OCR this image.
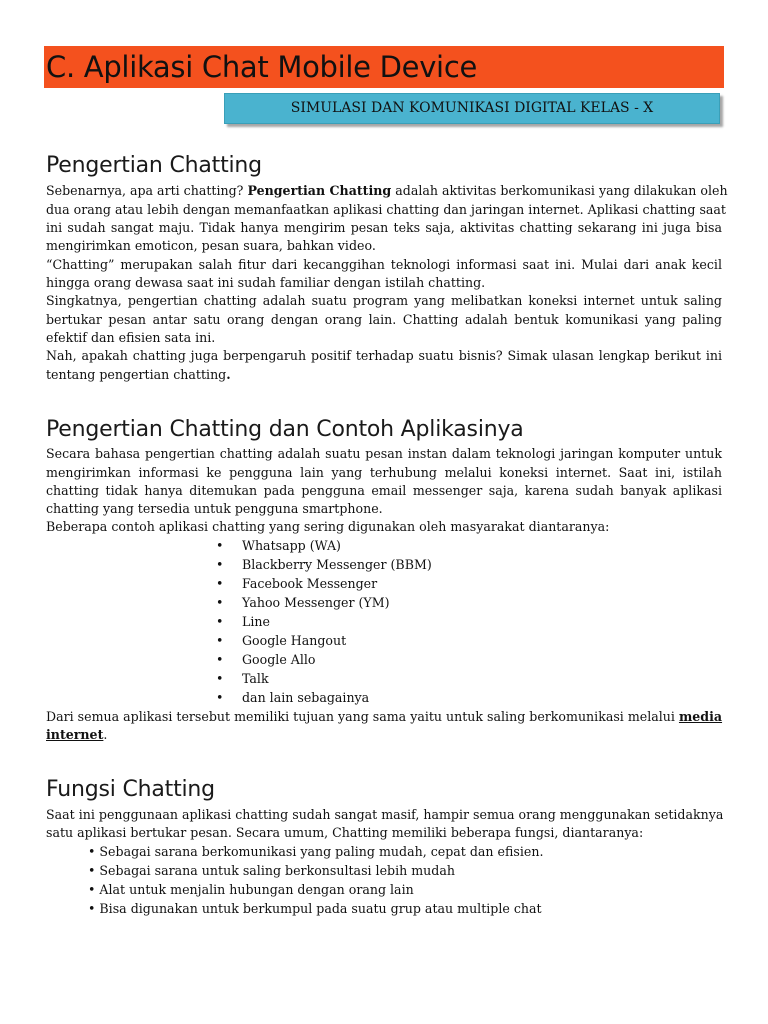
C. Aplikasi Chat Mobile Device
SIMULASI DAN KOMUNIKASI DIGITAL KELAS - X
Pengertian Chatting
Sebenarnya, apa arti chatting? Pengertian Chatting adalah aktivitas berkomunikasi yang dilakukan oleh
dua orang atau lebih dengan memanfaatkan aplikasi chatting dan jaringan internet. Aplikasi chatting saat
ini sudah sangat maju. Tidak hanya mengirim pesan teks saja, aktivitas chatting sekarang ini juga bisa
mengirimkan emoticon, pesan suara, bahkan video.
“Chatting” merupakan salah fitur dari kecanggihan teknologi informasi saat ini. Mulai dari anak kecil
hingga orang dewasa saat ini sudah familiar dengan istilah chatting.
Singkatnya, pengertian chatting adalah suatu program yang melibatkan koneksi internet untuk saling
bertukar pesan antar satu orang dengan orang lain. Chatting adalah bentuk komunikasi yang paling
efektif dan efisien sata ini.
Nah, apakah chatting juga berpengaruh positif terhadap suatu bisnis? Simak ulasan lengkap berikut ini
tentang pengertian chatting.
Pengertian Chatting dan Contoh Aplikasinya
Secara bahasa pengertian chatting adalah suatu pesan instan dalam teknologi jaringan komputer untuk
mengirimkan informasi ke pengguna lain yang terhubung melalui koneksi internet. Saat ini, istilah
chatting tidak hanya ditemukan pada pengguna email messenger saja, karena sudah banyak aplikasi
chatting yang tersedia untuk pengguna smartphone.
Beberapa contoh aplikasi chatting yang sering digunakan oleh masyarakat diantaranya:
• Whatsapp (WA)
• Blackberry Messenger (BBM)
• Facebook Messenger
• Yahoo Messenger (YM)
• Line
• Google Hangout
• Google Allo
• Talk
• dan lain sebagainya
Dari semua aplikasi tersebut memiliki tujuan yang sama yaitu untuk saling berkomunikasi melalui media
internet.
Fungsi Chatting
Saat ini penggunaan aplikasi chatting sudah sangat masif, hampir semua orang menggunakan setidaknya
satu aplikasi bertukar pesan. Secara umum, Chatting memiliki beberapa fungsi, diantaranya:
• Sebagai sarana berkomunikasi yang paling mudah, cepat dan efisien.
• Sebagai sarana untuk saling berkonsultasi lebih mudah
• Alat untuk menjalin hubungan dengan orang lain
• Bisa digunakan untuk berkumpul pada suatu grup atau multiple chat
